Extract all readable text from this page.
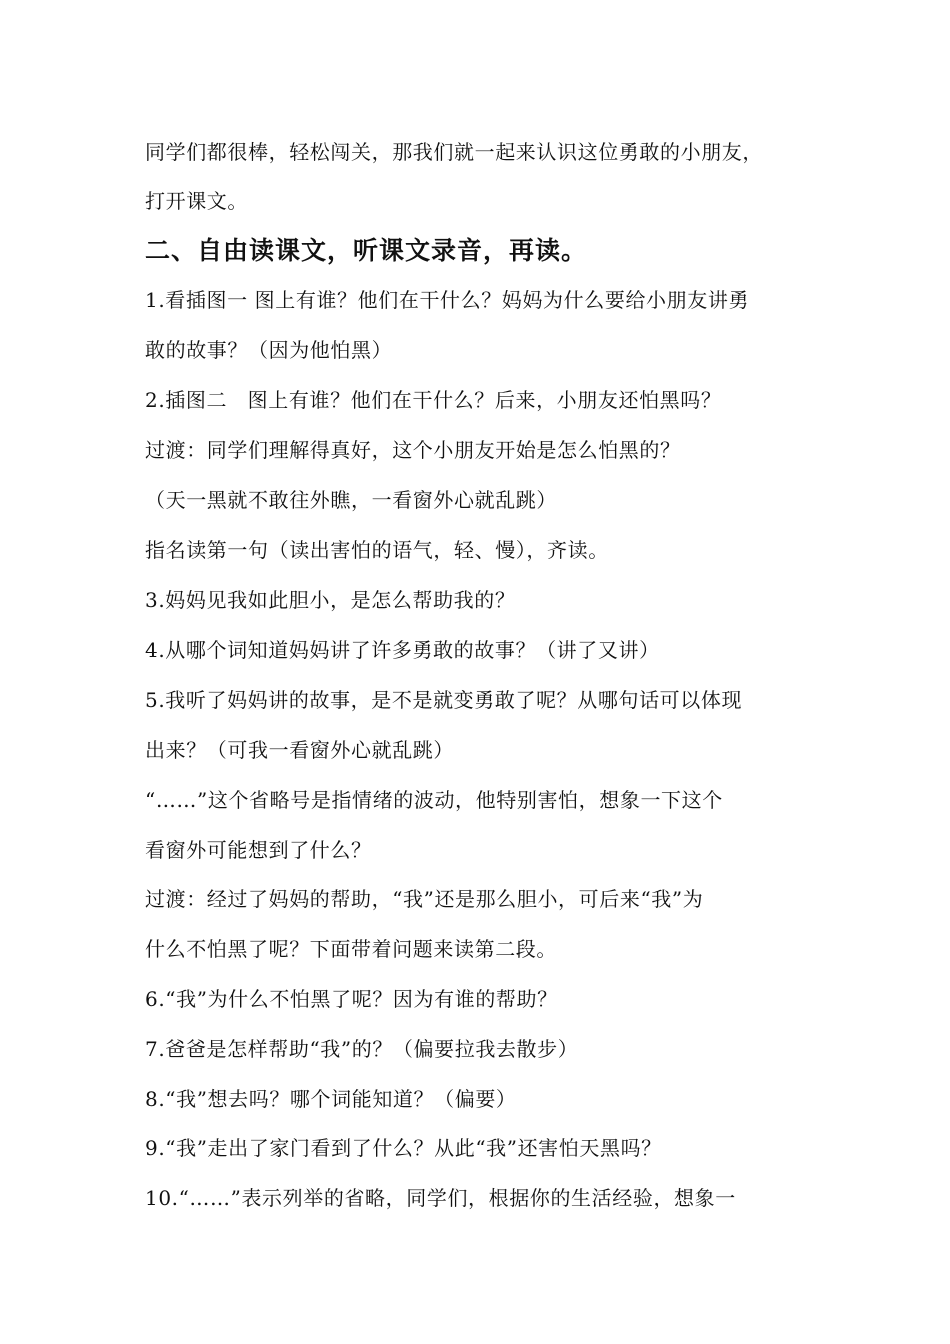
同学们都很棒，轻松闯关，那我们就一起来认识这位勇敢的小朋友，
打开课文。
二、自由读课文，听课文录音，再读。
1.看插图一 图上有谁？他们在干什么？妈妈为什么要给小朋友讲勇
敢的故事？（因为他怕黑）
2.插图二　图上有谁？他们在干什么？后来，小朋友还怕黑吗？
过渡：同学们理解得真好，这个小朋友开始是怎么怕黑的？
（天一黑就不敢往外瞧，一看窗外心就乱跳）
指名读第一句（读出害怕的语气，轻、慢），齐读。
3.妈妈见我如此胆小，是怎么帮助我的？
4.从哪个词知道妈妈讲了许多勇敢的故事？（讲了又讲）
5.我听了妈妈讲的故事，是不是就变勇敢了呢？从哪句话可以体现
出来？（可我一看窗外心就乱跳）
“……”这个省略号是指情绪的波动，他特别害怕，想象一下这个
看窗外可能想到了什么？
过渡：经过了妈妈的帮助，“我”还是那么胆小，可后来“我”为
什么不怕黑了呢？下面带着问题来读第二段。
6.“我”为什么不怕黑了呢？因为有谁的帮助？
7.爸爸是怎样帮助“我”的？（偏要拉我去散步）
8.“我”想去吗？哪个词能知道？（偏要）
9.“我”走出了家门看到了什么？从此“我”还害怕天黑吗？
10.“……”表示列举的省略，同学们，根据你的生活经验，想象一
